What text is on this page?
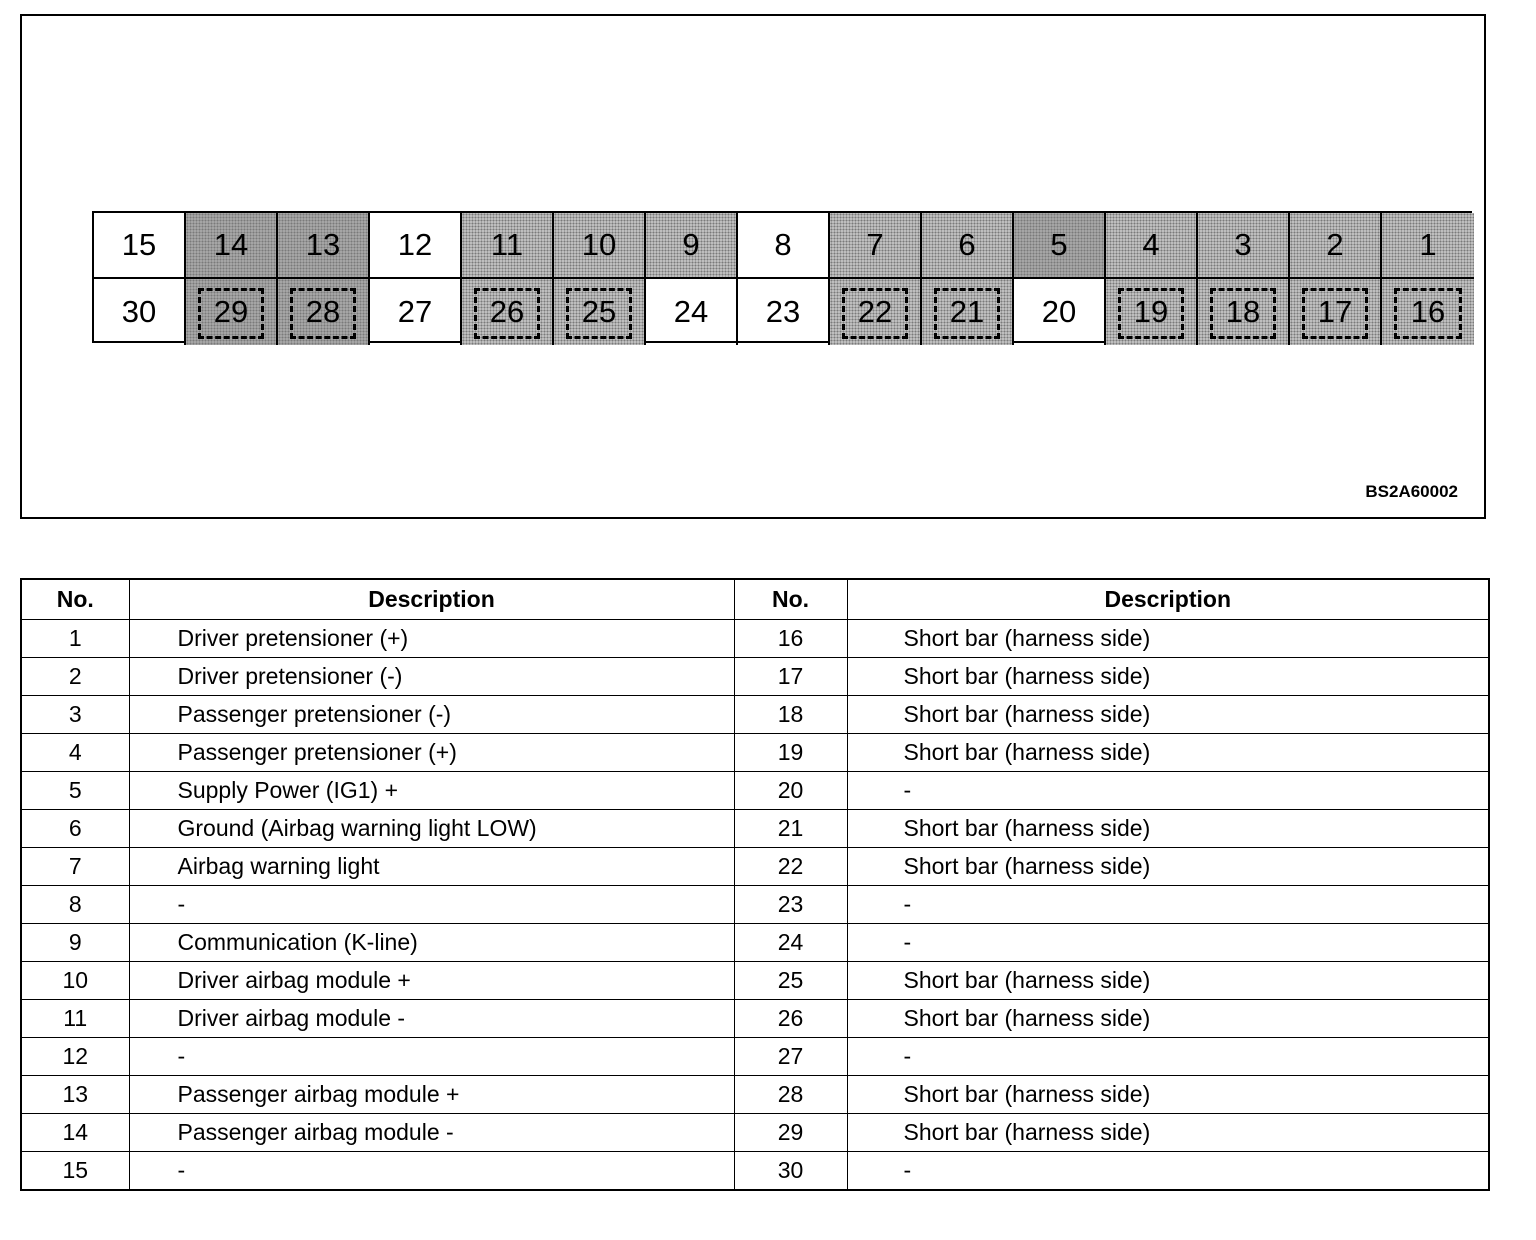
15 14 13 12 11 10 9 8 7 6 5 4 3 2 1
30 29 28 27 26 25 24 23 22 21 20 19 18 17 16
BS2A60002
No.	Description	No.	Description
1	Driver pretensioner (+)	16	Short bar (harness side)
2	Driver pretensioner (-)	17	Short bar (harness side)
3	Passenger pretensioner (-)	18	Short bar (harness side)
4	Passenger pretensioner (+)	19	Short bar (harness side)
5	Supply Power (IG1) +	20	-
6	Ground (Airbag warning light LOW)	21	Short bar (harness side)
7	Airbag warning light	22	Short bar (harness side)
8	-	23	-
9	Communication (K-line)	24	-
10	Driver airbag module +	25	Short bar (harness side)
11	Driver airbag module -	26	Short bar (harness side)
12	-	27	-
13	Passenger airbag module +	28	Short bar (harness side)
14	Passenger airbag module -	29	Short bar (harness side)
15	-	30	-
